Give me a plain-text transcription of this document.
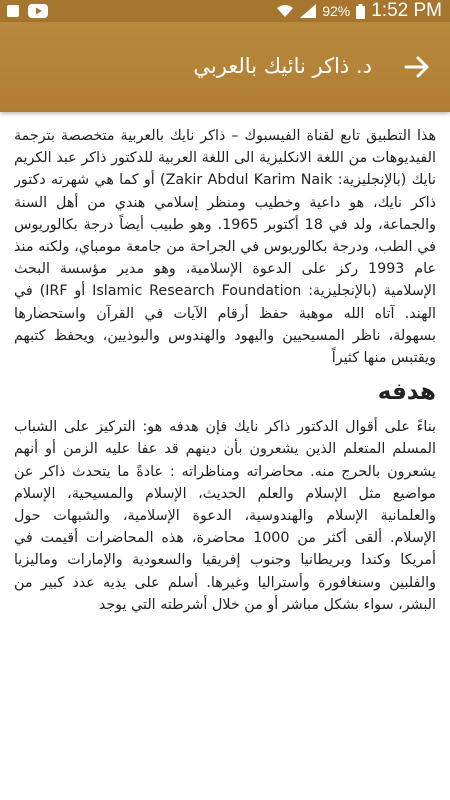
92% 1:52 PM
د. ذاكر نائيك بالعربي

هذا التطبيق تابع لقناة الفيسبوك – ذاكر نايك بالعربية متخصصة بترجمة الفيديوهات من اللغة الانكليزية الى اللغة العربية للدكتور ذاكر عبد الكريم نايك (بالإنجليزية: Zakir Abdul Karim Naik) أو كما هي شهرته دكتور ذاكر نايك، هو داعية وخطيب ومنظر إسلامي هندي من أهل السنة والجماعة، ولد في 18 أكتوبر 1965. وهو طبيب أيضاً درجة بكالوريوس في الطب، ودرجة بكالوريوس في الجراحة من جامعة مومباي، ولكنه منذ عام 1993 ركز على الدعوة الإسلامية، وهو مدير مؤسسة البحث الإسلامية (بالإنجليزية: Islamic Research Foundation أو IRF) في الهند. آتاه الله موهبة حفظ أرقام الآيات في القرآن واستحضارها بسهولة، ناظر المسيحيين واليهود والهندوس والبوذيين، ويحفظ كتبهم ويقتبس منها كثيراً

هدفه

بناءً على أقوال الدكتور ذاكر نايك فإن هدفه هو: التركيز على الشباب المسلم المتعلم الذين يشعرون بأن دينهم قد عفا عليه الزمن أو أنهم يشعرون بالحرج منه. محاضراته ومناظراته : عادةً ما يتحدث ذاكر عن مواضيع مثل الإسلام والعلم الحديث، الإسلام والمسيحية، الإسلام والعلمانية الإسلام والهندوسية، الدعوة الإسلامية، والشبهات حول الإسلام. ألقى أكثر من 1000 محاضرة، هذه المحاضرات أقيمت في أمريكا وكندا وبريطانيا وجنوب إفريقيا والسعودية والإمارات وماليزيا والفلبين وسنغافورة وأستراليا وغيرها. أسلم على يديه عدد كبير من البشر، سواء بشكل مباشر أو من خلال أشرطته التي يوجد
